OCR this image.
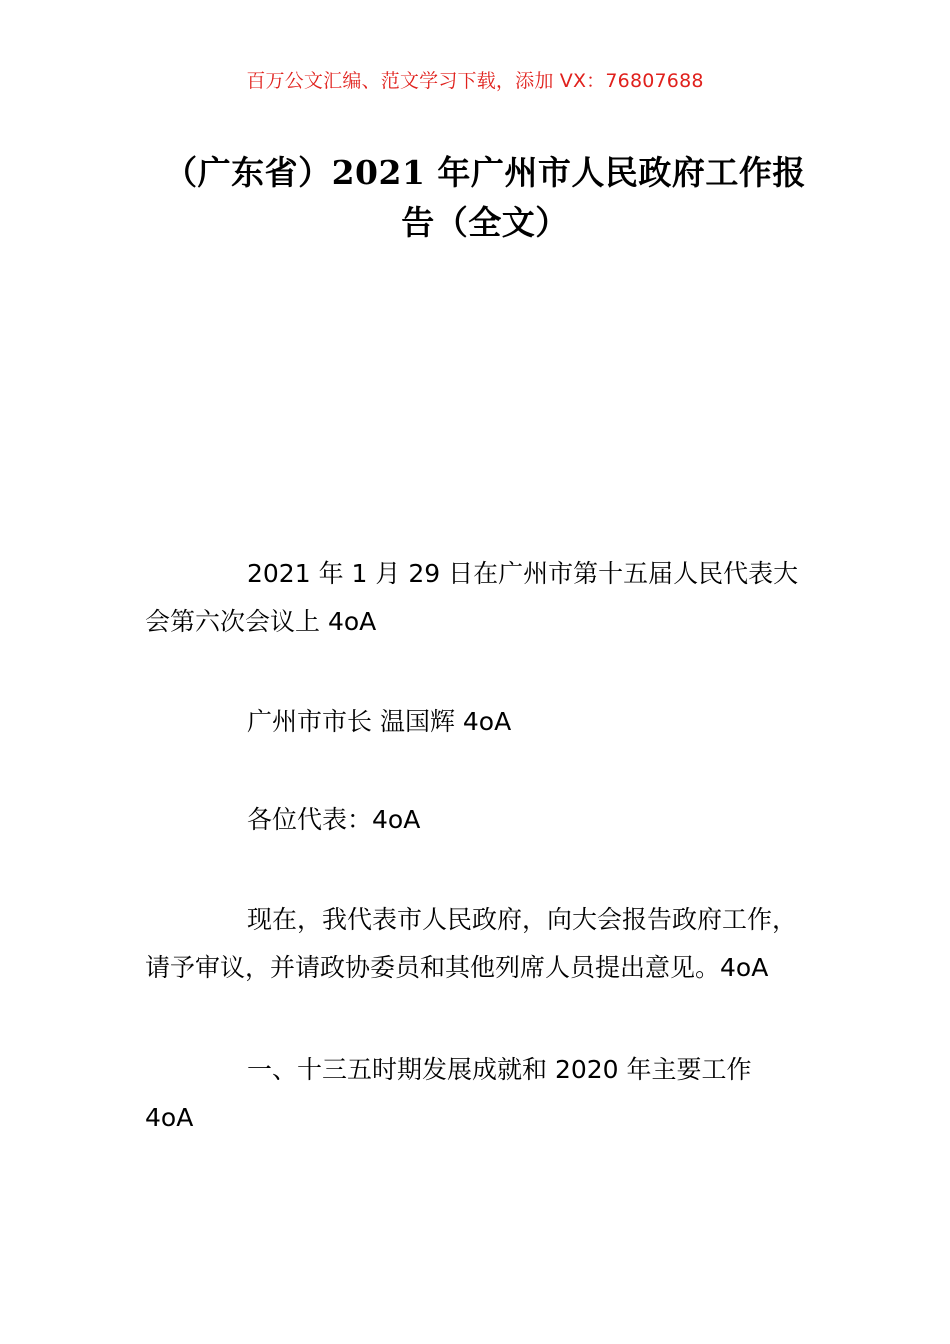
百万公文汇编、范文学习下载，添加 VX：76807688
（广东省）2021 年广州市人民政府工作报
告（全文）
2021 年 1 月 29 日在广州市第十五届人民代表大
会第六次会议上 4oA
广州市市长 温国辉 4oA
各位代表：4oA
现在，我代表市人民政府，向大会报告政府工作，
请予审议，并请政协委员和其他列席人员提出意见。4oA
一、十三五时期发展成就和 2020 年主要工作
4oA
